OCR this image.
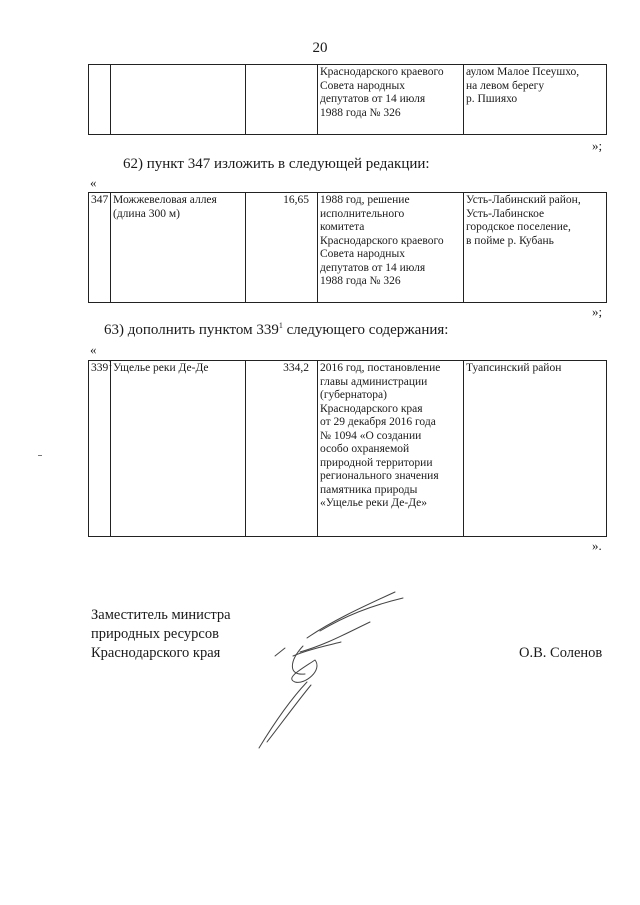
20
			Краснодарского краевого
Совета народных
депутатов от 14 июля
1988 года № 326	аулом Малое Псеушхо,
на левом берегу
р. Пшияхо
»;
62) пункт 347 изложить в следующей редакции:
«
347	Можжевеловая аллея
(длина 300 м)	16,65	1988 год, решение
исполнительного
комитета
Краснодарского краевого
Совета народных
депутатов от 14 июля
1988 года № 326	Усть-Лабинский район,
Усть-Лабинское
городское поселение,
в пойме р. Кубань
»;
63) дополнить пунктом $339^1$ следующего содержания:
«
$339^1$	Ущелье реки Де-Де	334,2	2016 год, постановление
главы администрации
(губернатора)
Краснодарского края
от 29 декабря 2016 года
№ 1094 «О создании
особо охраняемой
природной территории
регионального значения
памятника природы
«Ущелье реки Де-Де»	Туапсинский район
».
Заместитель министра
природных ресурсов
Краснодарского края	О.В. Соленов
